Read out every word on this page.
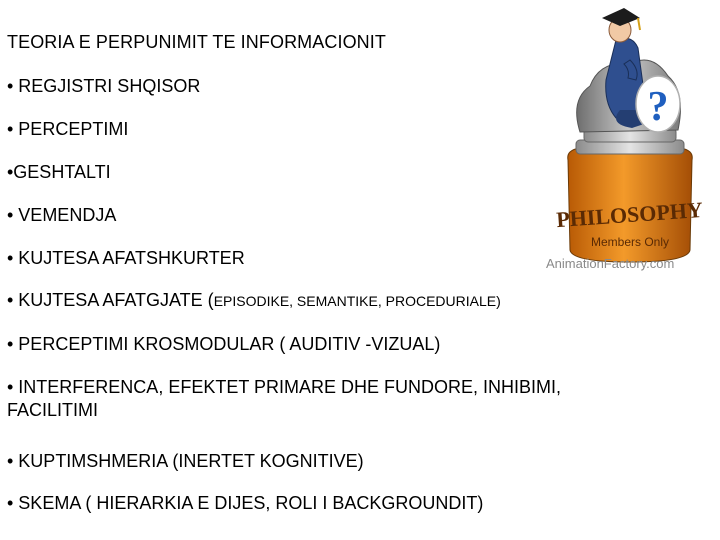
TEORIA E PERPUNIMIT TE INFORMACIONIT
• REGJISTRI SHQISOR
• PERCEPTIMI
•GESHTALTI
• VEMENDJA
• KUJTESA AFATSHKURTER
• KUJTESA AFATGJATE (EPISODIKE, SEMANTIKE, PROCEDURIALE)
• PERCEPTIMI KROSMODULAR ( AUDITIV -VIZUAL)
• INTERFERENCA, EFEKTET PRIMARE DHE FUNDORE, INHIBIMI,
FACILITIMI
• KUPTIMSHMERIA (INERTET KOGNITIVE)
• SKEMA ( HIERARKIA E DIJES, ROLI I BACKGROUNDIT)
PHILOSOPHY
Members Only
?
AnimationFactory.com
